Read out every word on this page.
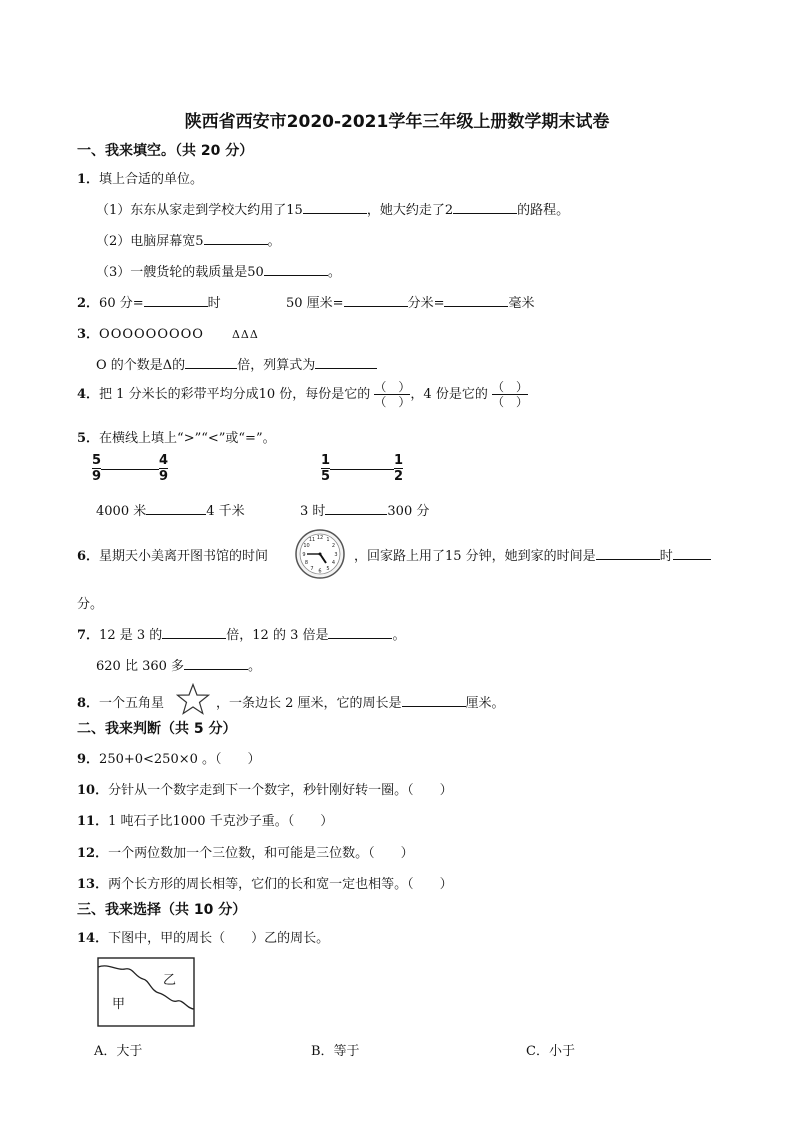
陕西省西安市2020-2021学年三年级上册数学期末试卷
一、我来填空。（共 20 分）
1．填上合适的单位。
（1）东东从家走到学校大约用了15	，她大约走了2	的路程。
（2）电脑屏幕宽5	。
（3）一艘货轮的载质量是50	。
2．60 分=	时	50 厘米=	分米=	毫米
3．OOOOOOOOO	ΔΔΔ
O 的个数是Δ的	倍，列算式为
4．把 1 分米长的彩带平均分成10 份，每份是它的 $\frac{( )}{( )}$ ，4 份是它的 $\frac{( )}{( )}$
5．在横线上填上“>”“<”或“=”。
5
9
4
9
1
5
1
2
4000 米	4 千米	3 时	300 分
6．星期天小美离开图书馆的时间
12 1
2
3
4
5
6
7
8
9
10
11
，回家路上用了15 分钟，她到家的时间是	时
分。
7．12 是 3 的	倍，12 的 3 倍是	。
620 比 360 多	。
8．一个五角星	，一条边长 2 厘米，它的周长是	厘米。
二、我来判断（共 5 分）
9．250+0<250×0 。（　　）
10．分针从一个数字走到下一个数字，秒针刚好转一圈。（　　）
11．1 吨石子比1000 千克沙子重。（　　）
12．一个两位数加一个三位数，和可能是三位数。（　　）
13．两个长方形的周长相等，它们的长和宽一定也相等。（　　）
三、我来选择（共 10 分）
14．下图中，甲的周长（　　）乙的周长。
甲
乙
A．大于	B．等于	C．小于
